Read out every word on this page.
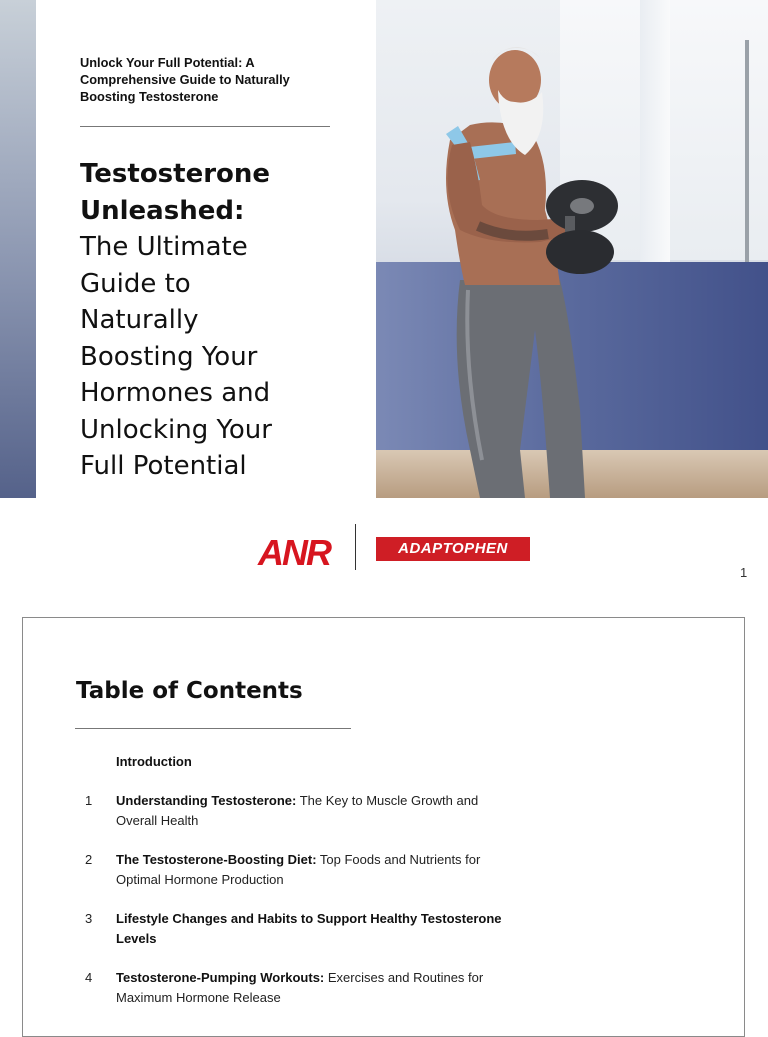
Unlock Your Full Potential: A Comprehensive Guide to Naturally Boosting Testosterone
Testosterone
Unleashed:
The Ultimate
Guide to
Naturally
Boosting Your
Hormones and
Unlocking Your
Full Potential
ANR	ADAPTOPHEN
1
Table of Contents
Introduction
1	Understanding Testosterone: The Key to Muscle Growth and Overall Health
2	The Testosterone-Boosting Diet: Top Foods and Nutrients for Optimal Hormone Production
3	Lifestyle Changes and Habits to Support Healthy Testosterone Levels
4	Testosterone-Pumping Workouts: Exercises and Routines for Maximum Hormone Release
